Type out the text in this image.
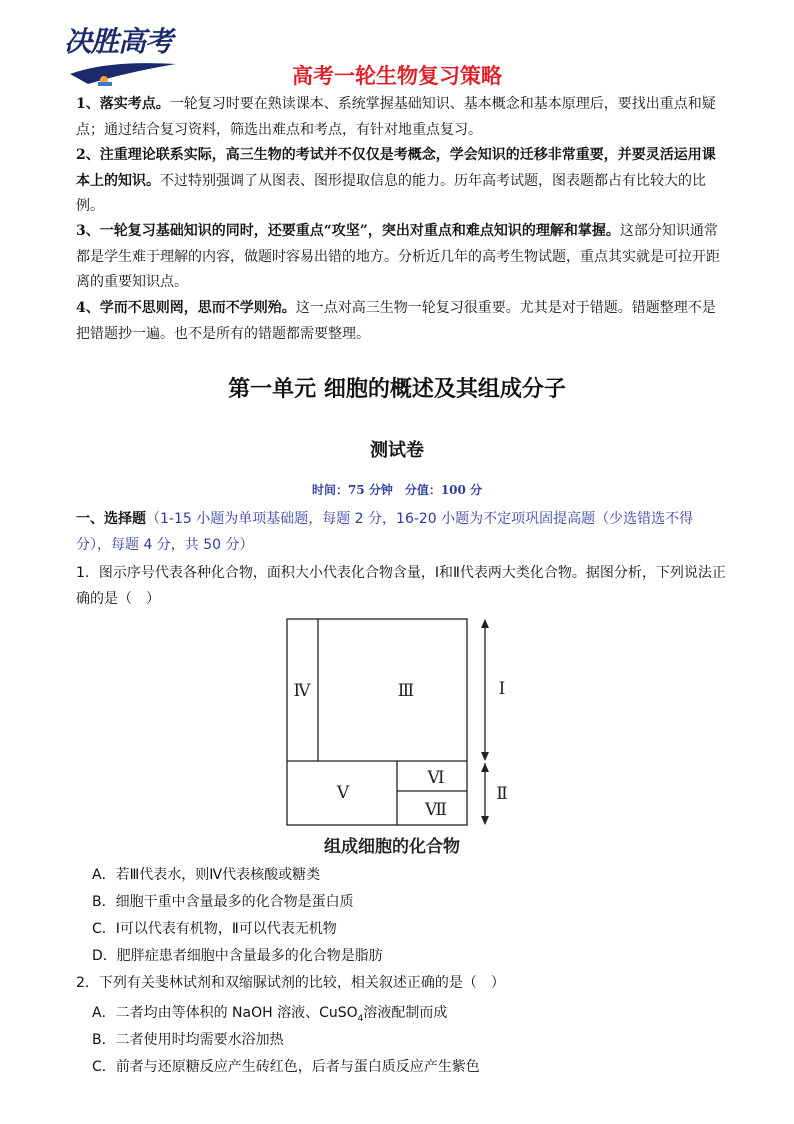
决胜高考
高考一轮生物复习策略
1、落实考点。一轮复习时要在熟读课本、系统掌握基础知识、基本概念和基本原理后，要找出重点和疑点；通过结合复习资料，筛选出难点和考点，有针对地重点复习。
2、注重理论联系实际，高三生物的考试并不仅仅是考概念，学会知识的迁移非常重要，并要灵活运用课本上的知识。不过特别强调了从图表、图形提取信息的能力。历年高考试题，图表题都占有比较大的比例。
3、一轮复习基础知识的同时，还要重点“攻坚”，突出对重点和难点知识的理解和掌握。这部分知识通常都是学生难于理解的内容，做题时容易出错的地方。分析近几年的高考生物试题，重点其实就是可拉开距离的重要知识点。
4、学而不思则罔，思而不学则殆。这一点对高三生物一轮复习很重要。尤其是对于错题。错题整理不是把错题抄一遍。也不是所有的错题都需要整理。
第一单元 细胞的概述及其组成分子
测试卷
时间：75 分钟　分值：100 分
一、选择题（1-15 小题为单项基础题，每题 2 分，16-20 小题为不定项巩固提高题（少选错选不得分），每题 4 分，共 50 分）
1．图示序号代表各种化合物，面积大小代表化合物含量，Ⅰ和Ⅱ代表两大类化合物。据图分析，下列说法正确的是（　）
Ⅳ	Ⅲ	Ⅰ
Ⅴ
Ⅵ
Ⅶ
Ⅱ
组成细胞的化合物
A．若Ⅲ代表水，则Ⅳ代表核酸或糖类
B．细胞干重中含量最多的化合物是蛋白质
C．Ⅰ可以代表有机物，Ⅱ可以代表无机物
D．肥胖症患者细胞中含量最多的化合物是脂肪
2．下列有关斐林试剂和双缩脲试剂的比较，相关叙述正确的是（　）
A．二者均由等体积的 NaOH 溶液、CuSO$_4$溶液配制而成
B．二者使用时均需要水浴加热
C．前者与还原糖反应产生砖红色，后者与蛋白质反应产生紫色
